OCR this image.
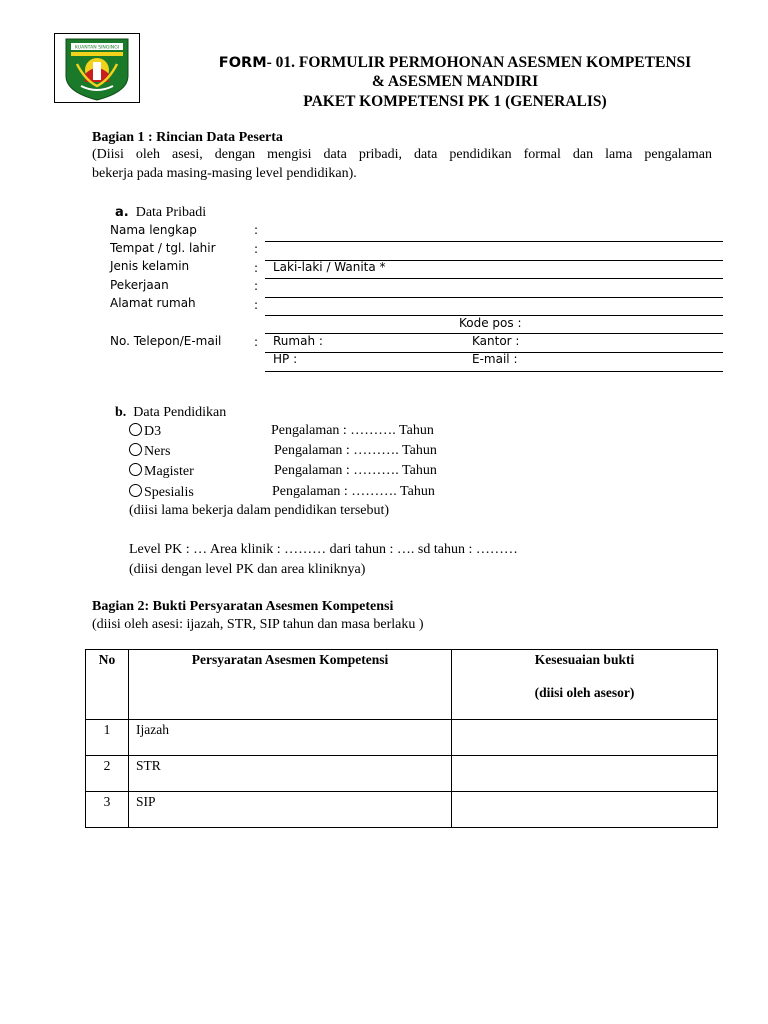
KUANTAN SINGINGI
FORM- 01. FORMULIR PERMOHONAN ASESMEN KOMPETENSI
& ASESMEN MANDIRI
PAKET KOMPETENSI PK 1 (GENERALIS)
Bagian 1 : Rincian Data Peserta
(Diisi oleh asesi, dengan mengisi data pribadi, data pendidikan formal dan lama pengalaman
bekerja pada masing-masing level pendidikan).
a. Data Pribadi
Nama lengkap	:
Tempat / tgl. lahir	:
Jenis kelamin	: Laki-laki / Wanita *
Pekerjaan	:
Alamat rumah	:
Kode pos :
No. Telepon/E-mail	: Rumah :	Kantor :
HP :	E-mail :
b. Data Pendidikan
D3	Pengalaman : ………. Tahun
Ners	Pengalaman : ………. Tahun
Magister	Pengalaman : ………. Tahun
Spesialis	Pengalaman : ………. Tahun
(diisi lama bekerja dalam pendidikan tersebut)
Level PK : … Area klinik : ……… dari tahun : …. sd tahun : ………
(diisi dengan level PK dan area kliniknya)
Bagian 2: Bukti Persyaratan Asesmen Kompetensi
(diisi oleh asesi: ijazah, STR, SIP tahun dan masa berlaku )
No	Persyaratan Asesmen Kompetensi	Kesesuaian bukti
(diisi oleh asesor)

1	Ijazah	
2	STR	
3	SIP	
